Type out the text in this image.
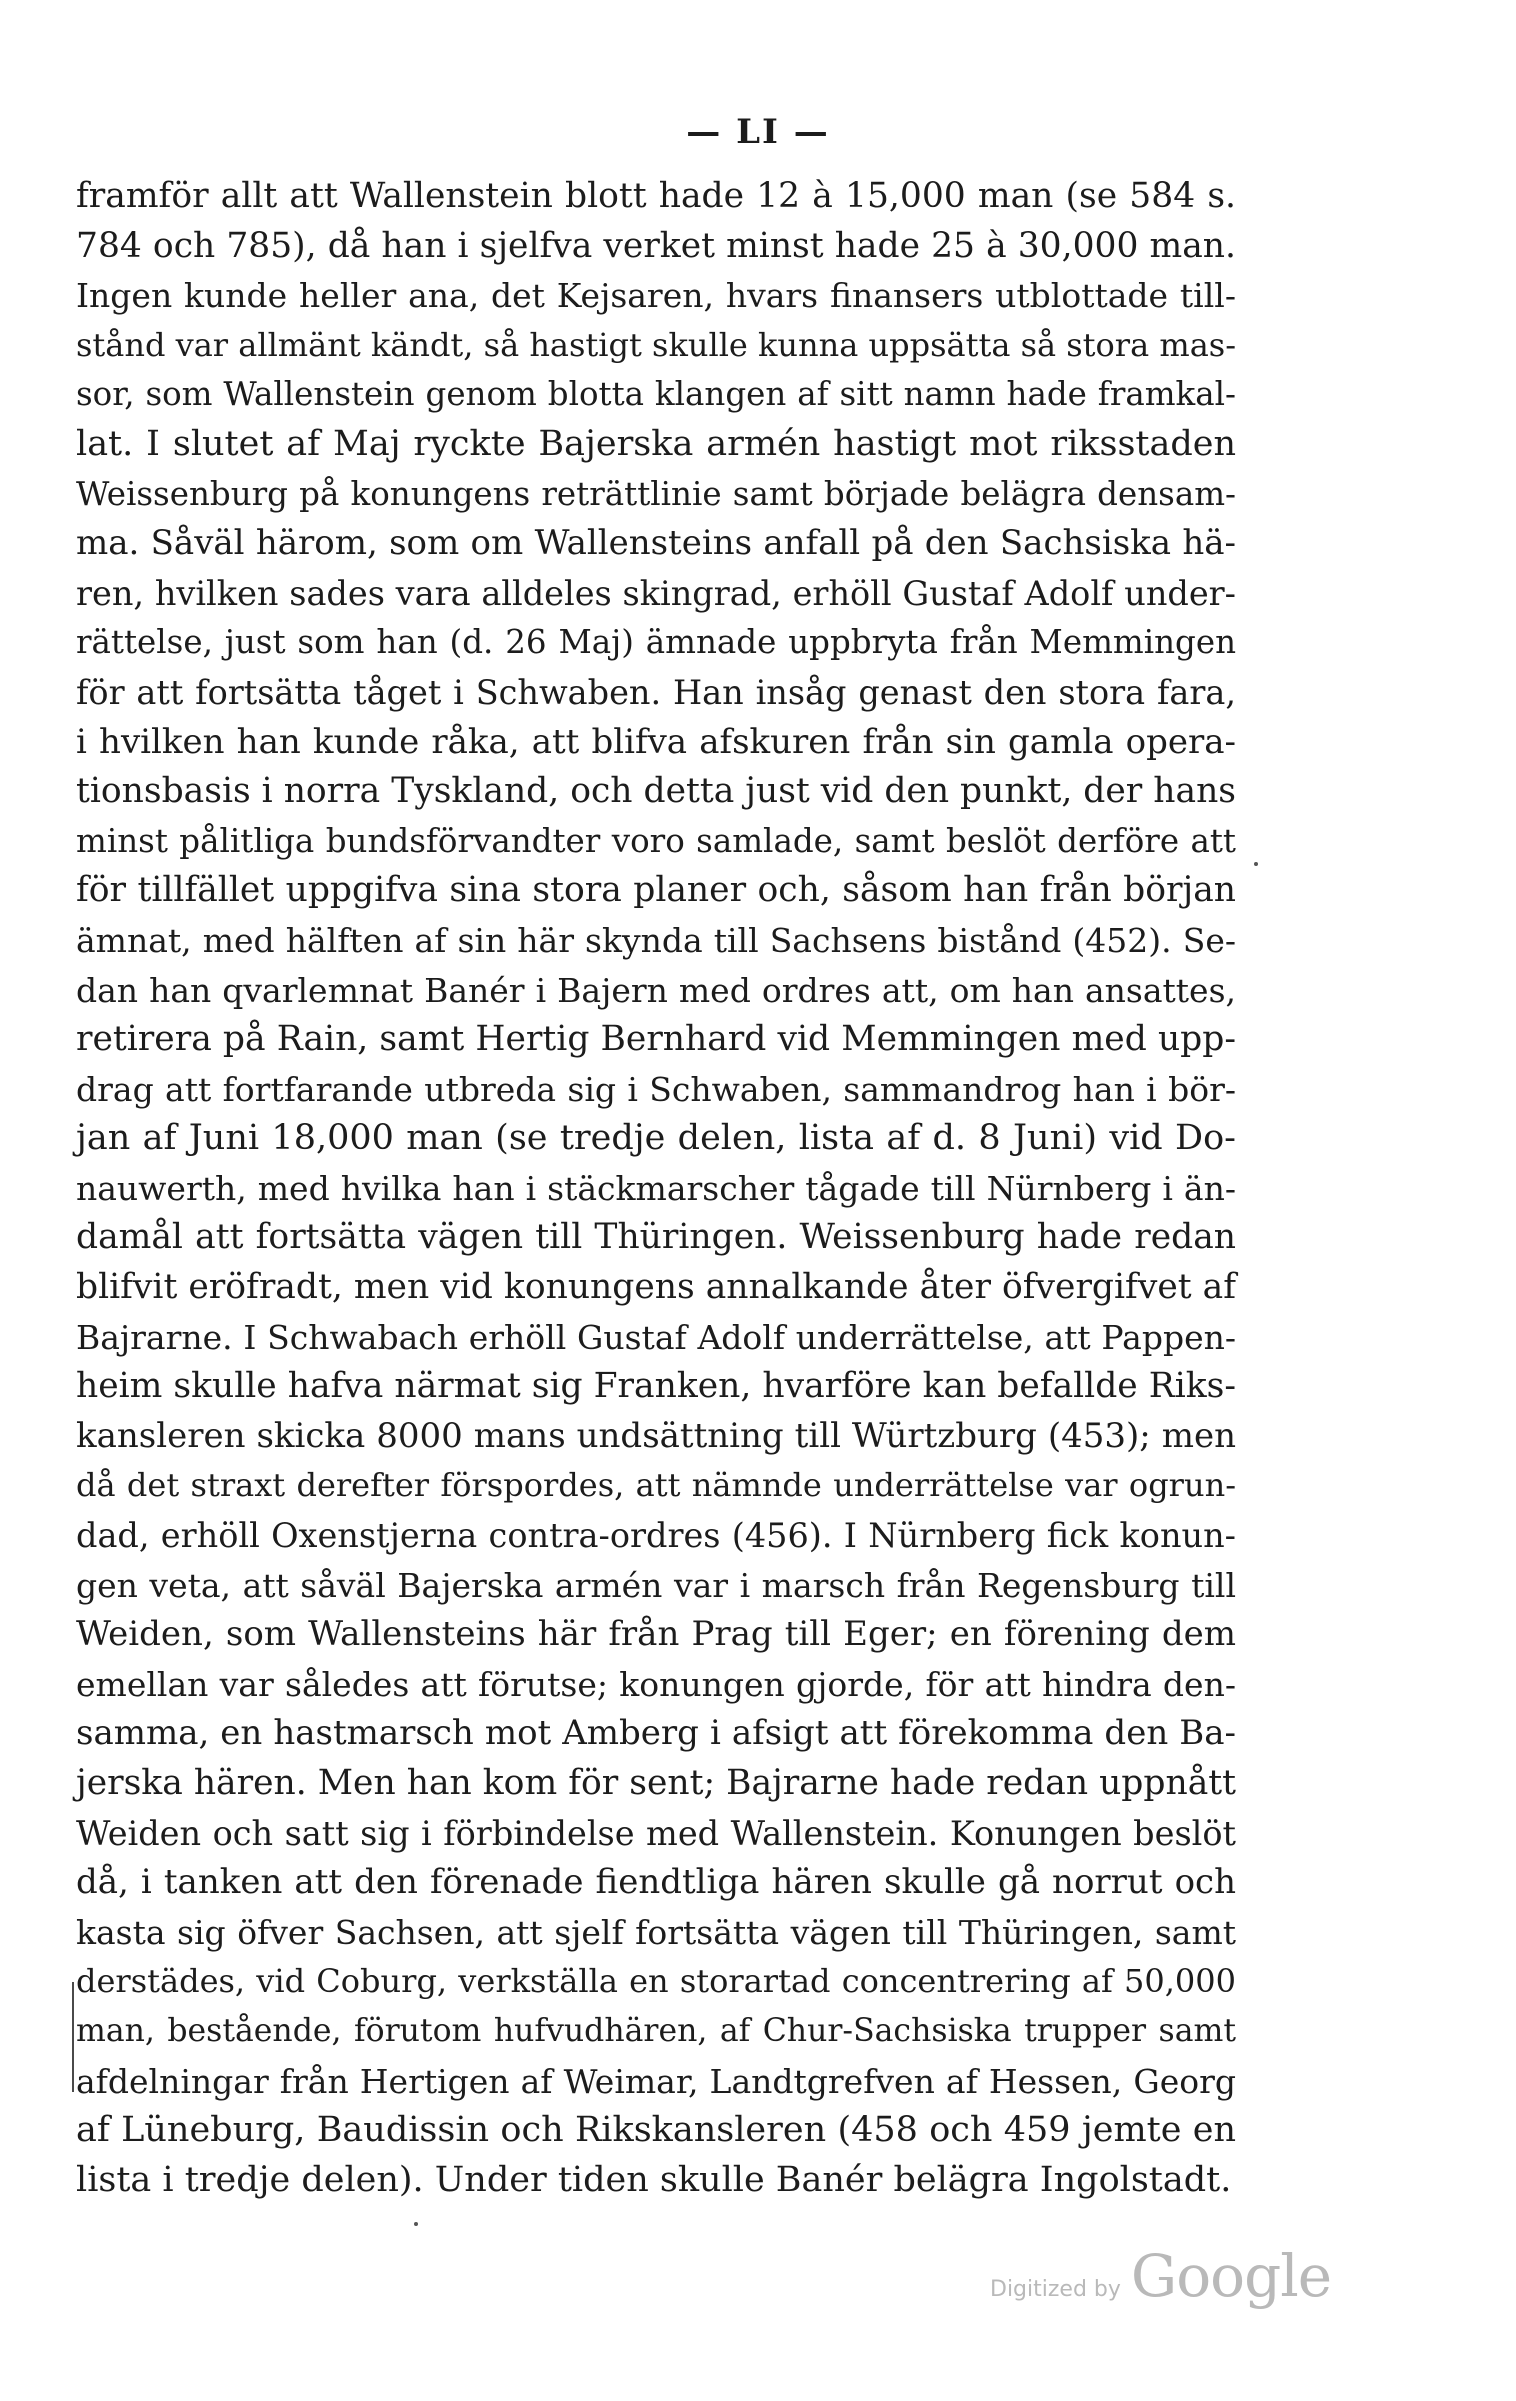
— LI —
framför allt att Wallenstein blott hade 12 à 15,000 man (se 584 s.
784 och 785), då han i sjelfva verket minst hade 25 à 30,000 man.
Ingen kunde heller ana, det Kejsaren, hvars finansers utblottade till-
stånd var allmänt kändt, så hastigt skulle kunna uppsätta så stora mas-
sor, som Wallenstein genom blotta klangen af sitt namn hade framkal-
lat. I slutet af Maj ryckte Bajerska armén hastigt mot riksstaden
Weissenburg på konungens reträttlinie samt började belägra densam-
ma. Såväl härom, som om Wallensteins anfall på den Sachsiska hä-
ren, hvilken sades vara alldeles skingrad, erhöll Gustaf Adolf under-
rättelse, just som han (d. 26 Maj) ämnade uppbryta från Memmingen
för att fortsätta tåget i Schwaben. Han insåg genast den stora fara,
i hvilken han kunde råka, att blifva afskuren från sin gamla opera-
tionsbasis i norra Tyskland, och detta just vid den punkt, der hans
minst pålitliga bundsförvandter voro samlade, samt beslöt derföre att
för tillfället uppgifva sina stora planer och, såsom han från början
ämnat, med hälften af sin här skynda till Sachsens bistånd (452). Se-
dan han qvarlemnat Banér i Bajern med ordres att, om han ansattes,
retirera på Rain, samt Hertig Bernhard vid Memmingen med upp-
drag att fortfarande utbreda sig i Schwaben, sammandrog han i bör-
jan af Juni 18,000 man (se tredje delen, lista af d. 8 Juni) vid Do-
nauwerth, med hvilka han i stäckmarscher tågade till Nürnberg i än-
damål att fortsätta vägen till Thüringen. Weissenburg hade redan
blifvit eröfradt, men vid konungens annalkande åter öfvergifvet af
Bajrarne. I Schwabach erhöll Gustaf Adolf underrättelse, att Pappen-
heim skulle hafva närmat sig Franken, hvarföre kan befallde Riks-
kansleren skicka 8000 mans undsättning till Würtzburg (453); men
då det straxt derefter förspordes, att nämnde underrättelse var ogrun-
dad, erhöll Oxenstjerna contra-ordres (456). I Nürnberg fick konun-
gen veta, att såväl Bajerska armén var i marsch från Regensburg till
Weiden, som Wallensteins här från Prag till Eger; en förening dem
emellan var således att förutse; konungen gjorde, för att hindra den-
samma, en hastmarsch mot Amberg i afsigt att förekomma den Ba-
jerska hären. Men han kom för sent; Bajrarne hade redan uppnått
Weiden och satt sig i förbindelse med Wallenstein. Konungen beslöt
då, i tanken att den förenade fiendtliga hären skulle gå norrut och
kasta sig öfver Sachsen, att sjelf fortsätta vägen till Thüringen, samt
derstädes, vid Coburg, verkställa en storartad concentrering af 50,000
man, bestående, förutom hufvudhären, af Chur-Sachsiska trupper samt
afdelningar från Hertigen af Weimar, Landtgrefven af Hessen, Georg
af Lüneburg, Baudissin och Rikskansleren (458 och 459 jemte en
lista i tredje delen). Under tiden skulle Banér belägra Ingolstadt.
Digitized by Google
